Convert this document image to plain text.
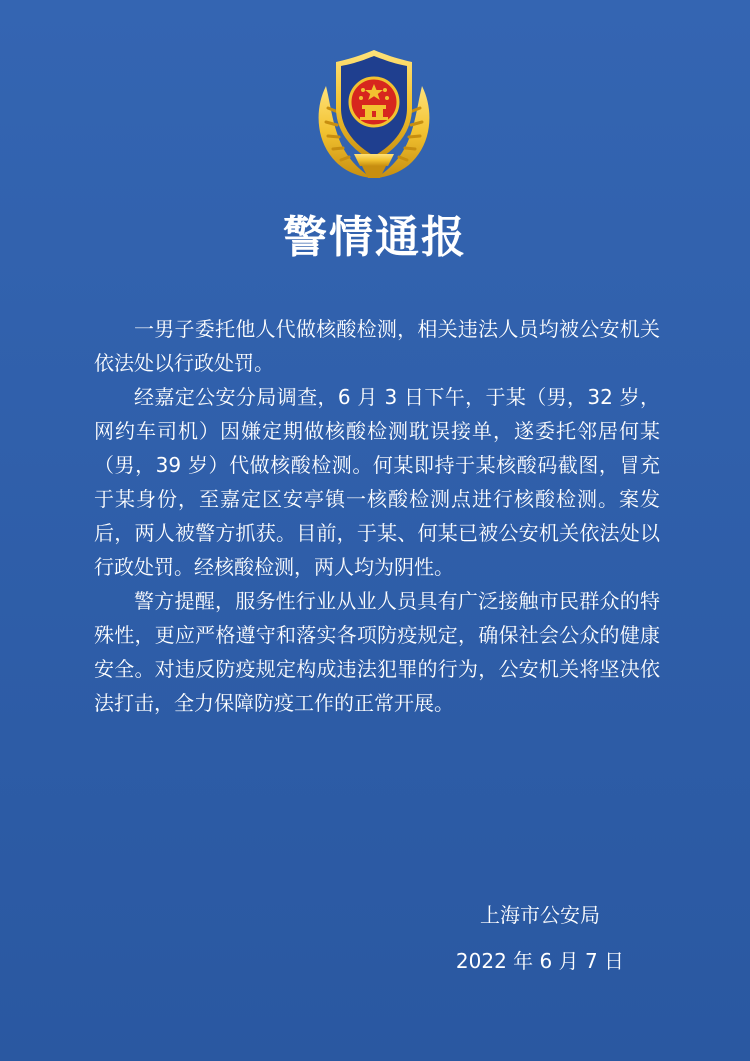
警情通报

一男子委托他人代做核酸检测，相关违法人员均被公安机关依法处以行政处罚。

经嘉定公安分局调查，6 月 3 日下午，于某（男，32 岁，网约车司机）因嫌定期做核酸检测耽误接单，遂委托邻居何某（男，39 岁）代做核酸检测。何某即持于某核酸码截图，冒充于某身份，至嘉定区安亭镇一核酸检测点进行核酸检测。案发后，两人被警方抓获。目前，于某、何某已被公安机关依法处以行政处罚。经核酸检测，两人均为阴性。

警方提醒，服务性行业从业人员具有广泛接触市民群众的特殊性，更应严格遵守和落实各项防疫规定，确保社会公众的健康安全。对违反防疫规定构成违法犯罪的行为，公安机关将坚决依法打击，全力保障防疫工作的正常开展。

上海市公安局
2022 年 6 月 7 日
